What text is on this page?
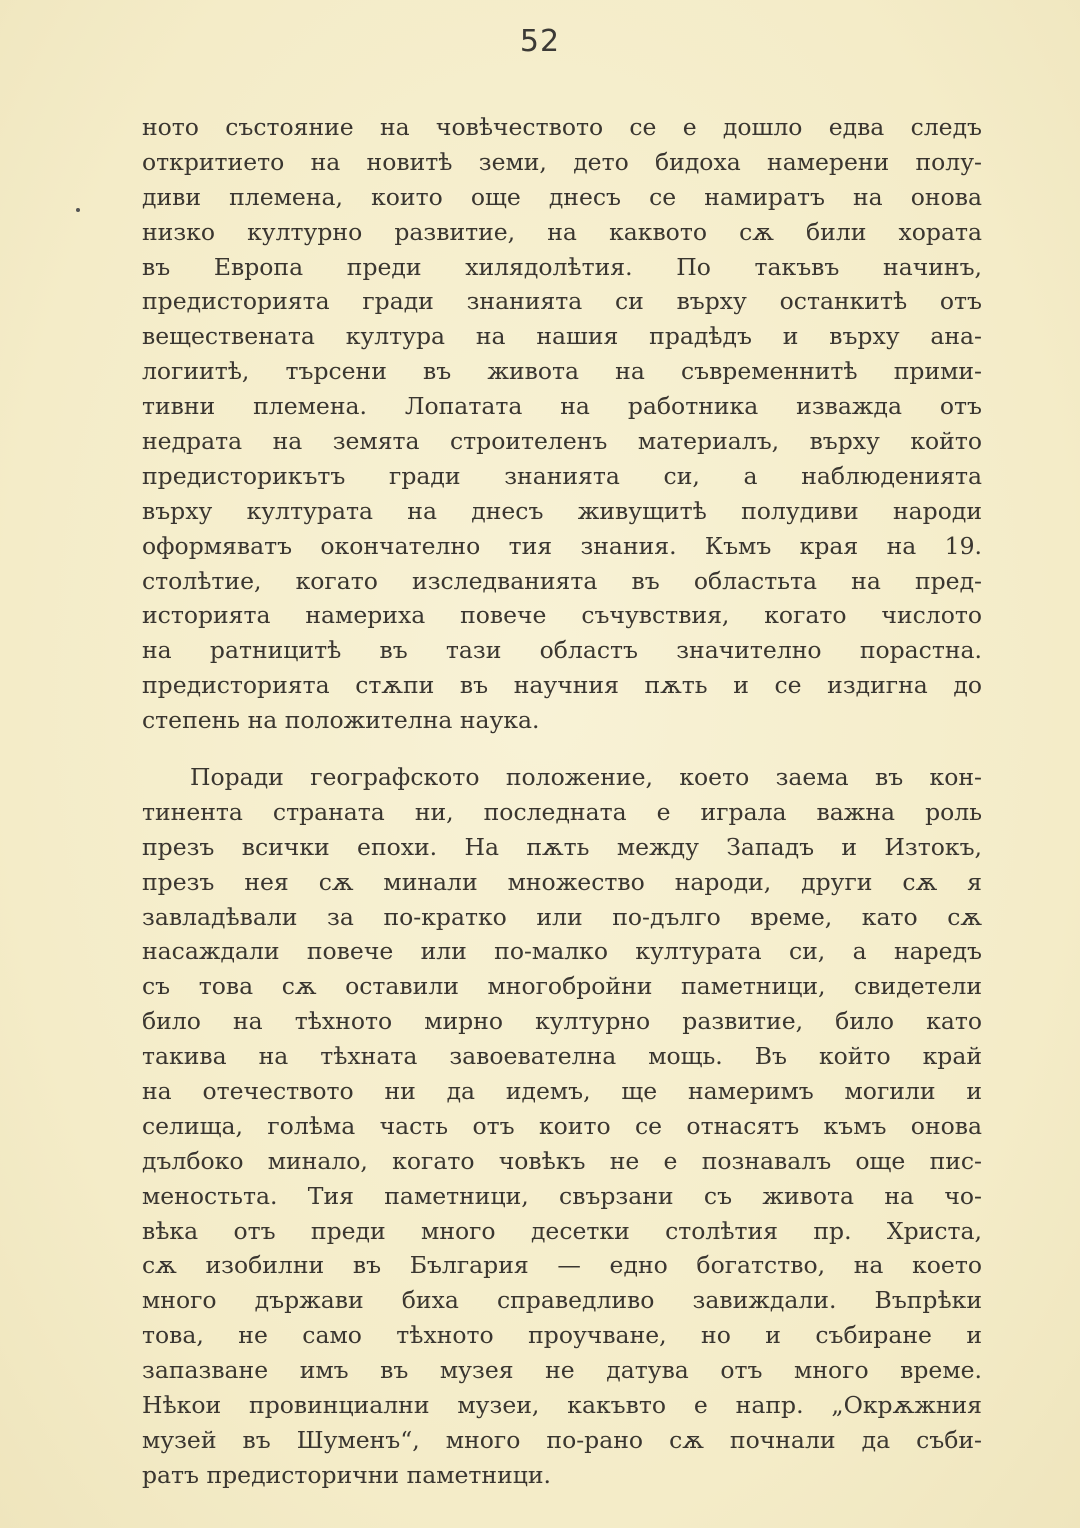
52
ното състояние на човѣчеството се е дошло едва следъ
откритието на новитѣ земи, дето бидоха намерени полу-
диви племена, които още днесъ се намиратъ на онова
низко културно развитие, на каквото сѫ били хората
въ Европа преди хилядолѣтия. По такъвъ начинъ,
предисторията гради знанията си върху останкитѣ отъ
веществената култура на нашия прадѣдъ и върху ана-
логиитѣ, търсени въ живота на съвременнитѣ прими-
тивни племена. Лопатата на работника изважда отъ
недрата на земята строителенъ материалъ, върху който
предисторикътъ гради знанията си, а наблюденията
върху културата на днесъ живущитѣ полудиви народи
оформяватъ окончателно тия знания. Къмъ края на 19.
столѣтие, когато изследванията въ областьта на пред-
историята намериха повече съчувствия, когато числото
на ратницитѣ въ тази областъ значително порастна.
предисторията стѫпи въ научния пѫть и се издигна до
степень на положителна наука.
Поради географското положение, което заема въ кон-
тинента страната ни, последната е играла важна роль
презъ всички епохи. На пѫть между Западъ и Изтокъ,
презъ нея сѫ минали множество народи, други сѫ я
завладѣвали за по-кратко или по-дълго време, като сѫ
насаждали повече или по-малко културата си, а наредъ
съ това сѫ оставили многобройни паметници, свидетели
било на тѣхното мирно културно развитие, било като
такива на тѣхната завоевателна мощь. Въ който край
на отечеството ни да идемъ, ще намеримъ могили и
селища, голѣма часть отъ които се отнасятъ къмъ онова
дълбоко минало, когато човѣкъ не е познавалъ още пис-
меностьта. Тия паметници, свързани съ живота на чо-
вѣка отъ преди много десетки столѣтия пр. Христа,
сѫ изобилни въ България — едно богатство, на което
много държави биха справедливо завиждали. Въпрѣки
това, не само тѣхното проучване, но и събиране и
запазване имъ въ музея не датува отъ много време.
Нѣкои провинциални музеи, какъвто е напр. „Окрѫжния
музей въ Шуменъ“, много по-рано сѫ почнали да съби-
ратъ предисторични паметници.
